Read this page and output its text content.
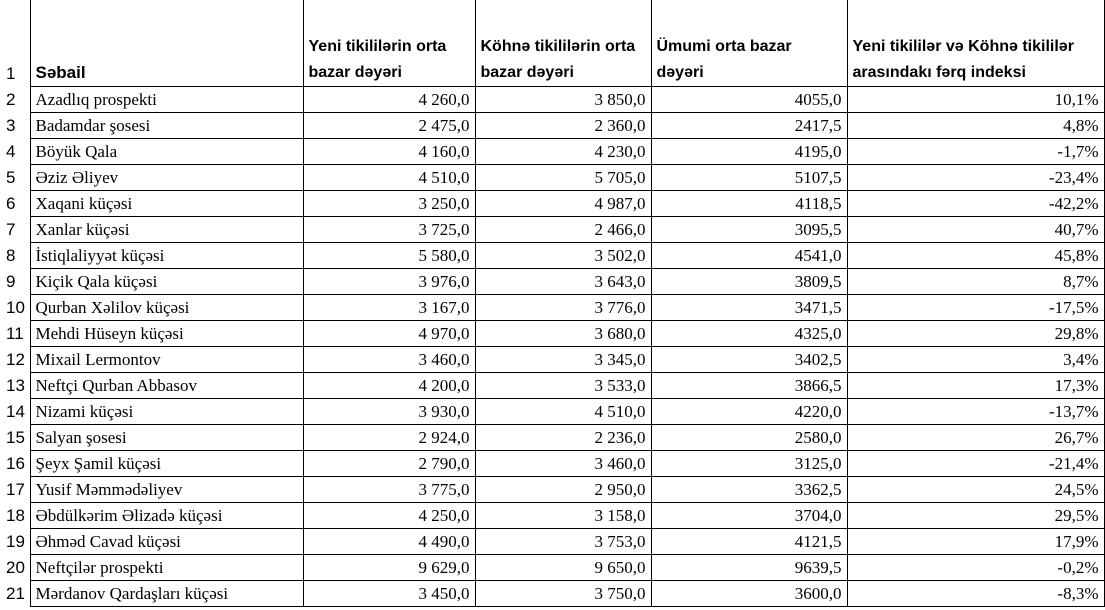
1	Səbail	Yeni tikililərin orta bazar dəyəri	Köhnə tikililərin orta bazar dəyəri	Ümumi orta bazar dəyəri	Yeni tikililər və Köhnə tikililər arasındakı fərq indeksi
2	Azadlıq prospekti	4 260,0	3 850,0	4055,0	10,1%
3	Badamdar şosesi	2 475,0	2 360,0	2417,5	4,8%
4	Böyük Qala	4 160,0	4 230,0	4195,0	-1,7%
5	Əziz Əliyev	4 510,0	5 705,0	5107,5	-23,4%
6	Xaqani küçəsi	3 250,0	4 987,0	4118,5	-42,2%
7	Xanlar küçəsi	3 725,0	2 466,0	3095,5	40,7%
8	İstiqlaliyyət küçəsi	5 580,0	3 502,0	4541,0	45,8%
9	Kiçik Qala küçəsi	3 976,0	3 643,0	3809,5	8,7%
10	Qurban Xəlilov küçəsi	3 167,0	3 776,0	3471,5	-17,5%
11	Mehdi Hüseyn küçəsi	4 970,0	3 680,0	4325,0	29,8%
12	Mixail Lermontov	3 460,0	3 345,0	3402,5	3,4%
13	Neftçi Qurban Abbasov	4 200,0	3 533,0	3866,5	17,3%
14	Nizami küçəsi	3 930,0	4 510,0	4220,0	-13,7%
15	Salyan şosesi	2 924,0	2 236,0	2580,0	26,7%
16	Şeyx Şamil küçəsi	2 790,0	3 460,0	3125,0	-21,4%
17	Yusif Məmmədəliyev	3 775,0	2 950,0	3362,5	24,5%
18	Əbdülkərim Əlizadə küçəsi	4 250,0	3 158,0	3704,0	29,5%
19	Əhməd Cavad küçəsi	4 490,0	3 753,0	4121,5	17,9%
20	Neftçilər prospekti	9 629,0	9 650,0	9639,5	-0,2%
21	Mərdanov Qardaşları küçəsi	3 450,0	3 750,0	3600,0	-8,3%
